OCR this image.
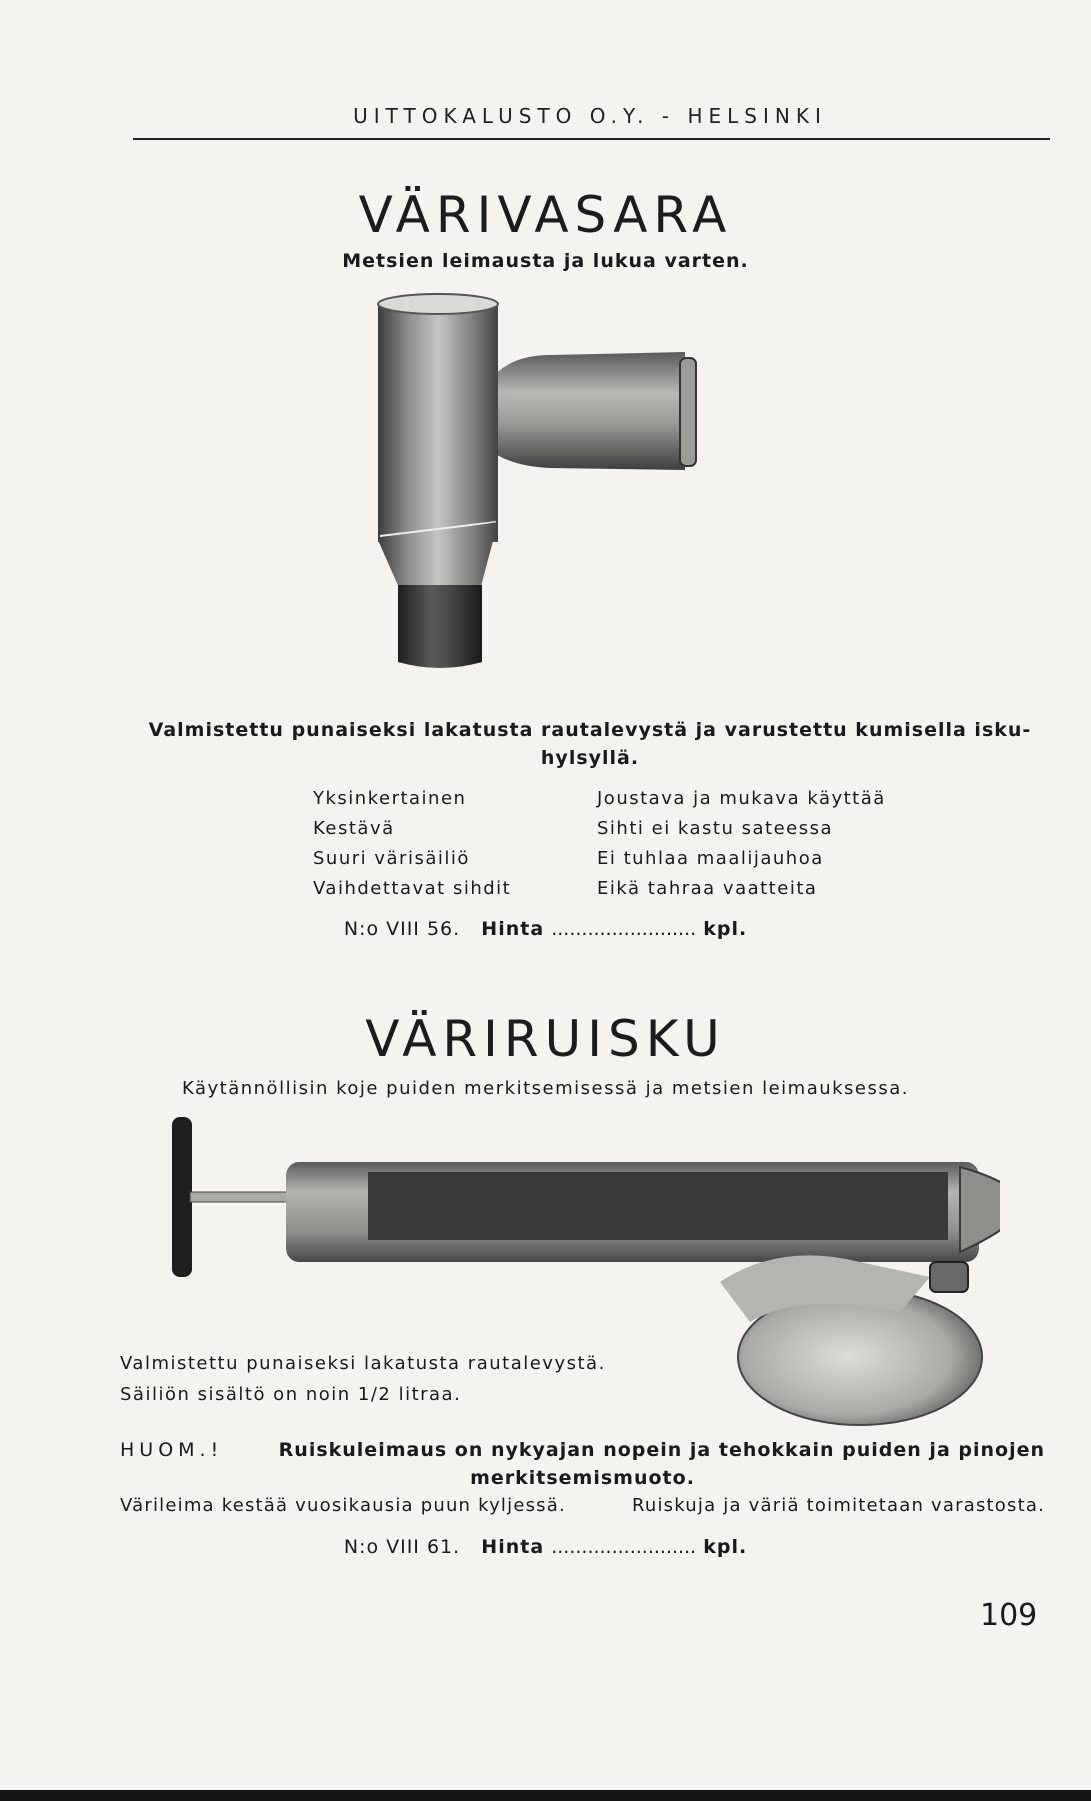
UITTOKALUSTO O.Y. - HELSINKI
VÄRIVASARA
Metsien leimausta ja lukua varten.
Valmistettu punaiseksi lakatusta rautalevystä ja varustettu kumisella isku-hylsyllä.
Yksinkertainen
Kestävä
Suuri värisäiliö
Vaihdettavat sihdit
Joustava ja mukava käyttää
Sihti ei kastu sateessa
Ei tuhlaa maalijauhoa
Eikä tahraa vaatteita
N:o VIII 56. Hinta ........................ kpl.
VÄRIRUISKU
Käytännöllisin koje puiden merkitsemisessä ja metsien leimauksessa.
Valmistettu punaiseksi lakatusta rautalevystä.
Säiliön sisältö on noin 1/2 litraa.
HUOM.!	Ruiskuleimaus on nykyajan nopein ja tehokkain puiden ja pinojen
merkitsemismuoto.
Värileima kestää vuosikausia puun kyljessä.	Ruiskuja ja väriä toimitetaan varastosta.
N:o VIII 61. Hinta ........................ kpl.
109
